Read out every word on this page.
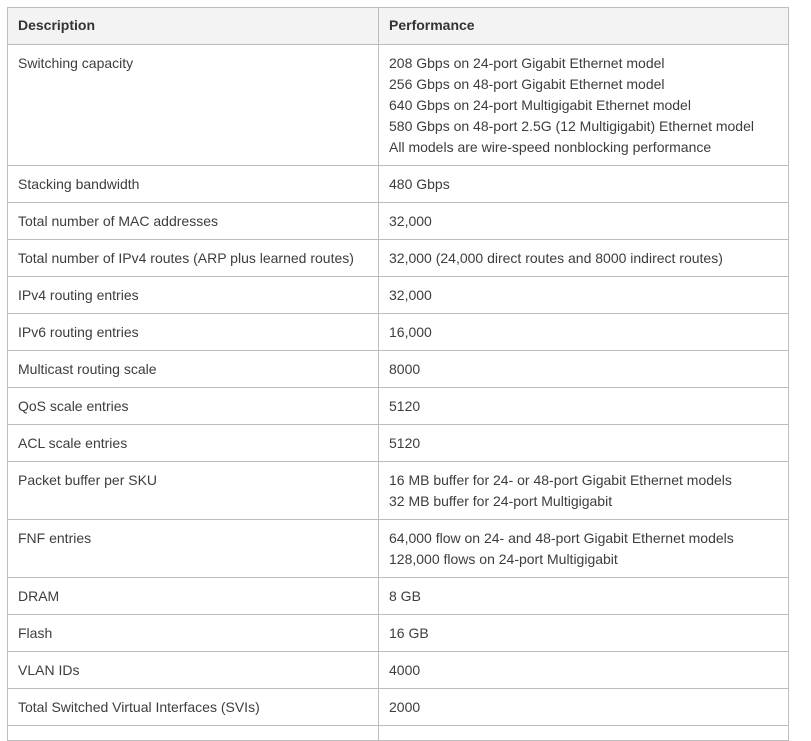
Description	Performance
Switching capacity	208 Gbps on 24-port Gigabit Ethernet model
256 Gbps on 48-port Gigabit Ethernet model
640 Gbps on 24-port Multigigabit Ethernet model
580 Gbps on 48-port 2.5G (12 Multigigabit) Ethernet model
All models are wire-speed nonblocking performance

Stacking bandwidth	480 Gbps

Total number of MAC addresses	32,000

Total number of IPv4 routes (ARP plus learned routes)	32,000 (24,000 direct routes and 8000 indirect routes)

IPv4 routing entries	32,000

IPv6 routing entries	16,000

Multicast routing scale	8000

QoS scale entries	5120

ACL scale entries	5120

Packet buffer per SKU	16 MB buffer for 24- or 48-port Gigabit Ethernet models
32 MB buffer for 24-port Multigigabit

FNF entries	64,000 flow on 24- and 48-port Gigabit Ethernet models
128,000 flows on 24-port Multigigabit

DRAM	8 GB

Flash	16 GB

VLAN IDs	4000

Total Switched Virtual Interfaces (SVIs)	2000
